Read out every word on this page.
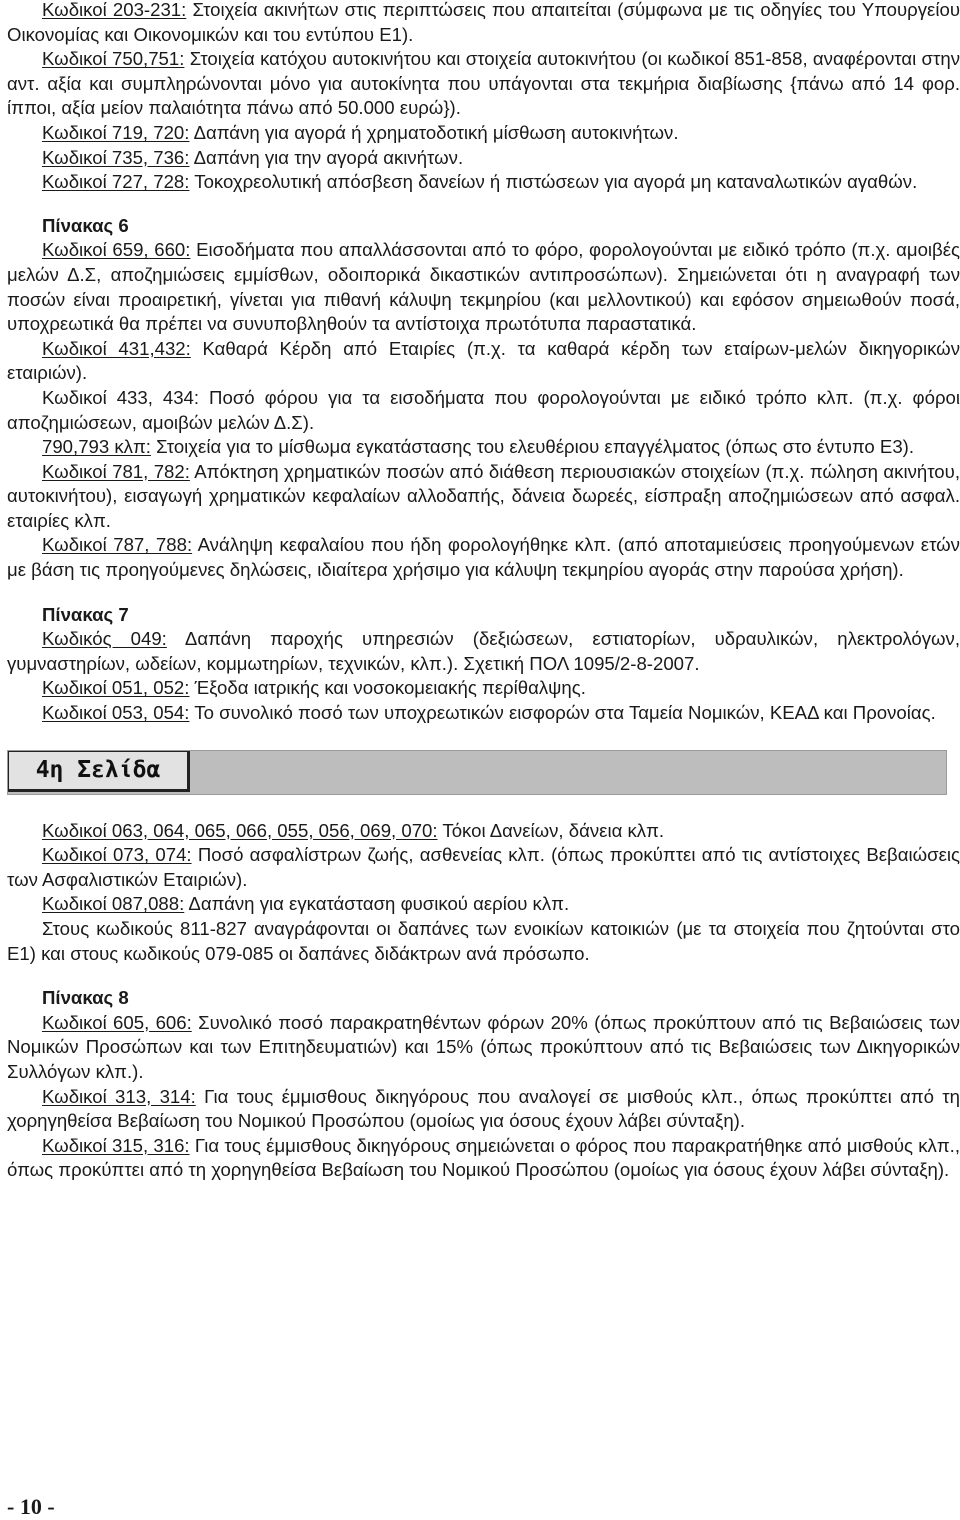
Κωδικοί 203-231: Στοιχεία ακινήτων στις περιπτώσεις που απαιτείται (σύμφωνα με τις οδηγίες του Υπουργείου Οικονομίας και Οικονομικών και του εντύπου Ε1).

Κωδικοί 750,751: Στοιχεία κατόχου αυτοκινήτου και στοιχεία αυτοκινήτου (οι κωδικοί 851-858, αναφέρονται στην αντ. αξία και συμπληρώνονται μόνο για αυτοκίνητα που υπάγονται στα τεκμήρια διαβίωσης {πάνω από 14 φορ. ίπποι, αξία μείον παλαιότητα πάνω από 50.000 ευρώ}).

Κωδικοί 719, 720: Δαπάνη για αγορά ή χρηματοδοτική μίσθωση αυτοκινήτων.

Κωδικοί 735, 736: Δαπάνη για την αγορά ακινήτων.

Κωδικοί 727, 728: Τοκοχρεολυτική απόσβεση δανείων ή πιστώσεων για αγορά μη καταναλωτικών αγαθών.

Πίνακας 6

Κωδικοί 659, 660: Εισοδήματα που απαλλάσσονται από το φόρο, φορολογούνται με ειδικό τρόπο (π.χ. αμοιβές μελών Δ.Σ, αποζημιώσεις εμμίσθων, οδοιπορικά δικαστικών αντιπροσώπων). Σημειώνεται ότι η αναγραφή των ποσών είναι προαιρετική, γίνεται για πιθανή κάλυψη τεκμηρίου (και μελλοντικού) και εφόσον σημειωθούν ποσά, υποχρεωτικά θα πρέπει να συνυποβληθούν τα αντίστοιχα πρωτότυπα παραστατικά.

Κωδικοί 431,432: Καθαρά Κέρδη από Εταιρίες (π.χ. τα καθαρά κέρδη των εταίρων-μελών δικηγορικών εταιριών).

Κωδικοί 433, 434: Ποσό φόρου για τα εισοδήματα που φορολογούνται με ειδικό τρόπο κλπ. (π.χ. φόροι αποζημιώσεων, αμοιβών μελών Δ.Σ).

790,793 κλπ: Στοιχεία για το μίσθωμα εγκατάστασης του ελευθέριου επαγγέλματος (όπως στο έντυπο Ε3).

Κωδικοί 781, 782: Απόκτηση χρηματικών ποσών από διάθεση περιουσιακών στοιχείων (π.χ. πώληση ακινήτου, αυτοκινήτου), εισαγωγή χρηματικών κεφαλαίων αλλοδαπής, δάνεια δωρεές, είσπραξη αποζημιώσεων από ασφαλ. εταιρίες κλπ.

Κωδικοί 787, 788: Ανάληψη κεφαλαίου που ήδη φορολογήθηκε κλπ. (από αποταμιεύσεις προηγούμενων ετών με βάση τις προηγούμενες δηλώσεις, ιδιαίτερα χρήσιμο για κάλυψη τεκμηρίου αγοράς στην παρούσα χρήση).

Πίνακας 7

Κωδικός 049: Δαπάνη παροχής υπηρεσιών (δεξιώσεων, εστιατορίων, υδραυλικών, ηλεκτρολόγων, γυμναστηρίων, ωδείων, κομμωτηρίων, τεχνικών, κλπ.). Σχετική ΠΟΛ 1095/2-8-2007.

Κωδικοί 051, 052: Έξοδα ιατρικής και νοσοκομειακής περίθαλψης.

Κωδικοί 053, 054: Το συνολικό ποσό των υποχρεωτικών εισφορών στα Ταμεία Νομικών, ΚΕΑΔ και Προνοίας.

4η Σελίδα

Κωδικοί 063, 064, 065, 066, 055, 056, 069, 070: Τόκοι Δανείων, δάνεια κλπ.

Κωδικοί 073, 074: Ποσό ασφαλίστρων ζωής, ασθενείας κλπ. (όπως προκύπτει από τις αντίστοιχες Βεβαιώσεις των Ασφαλιστικών Εταιριών).

Κωδικοί 087,088: Δαπάνη για εγκατάσταση φυσικού αερίου κλπ.

Στους κωδικούς 811-827 αναγράφονται οι δαπάνες των ενοικίων κατοικιών (με τα στοιχεία που ζητούνται στο Ε1) και στους κωδικούς 079-085 οι δαπάνες διδάκτρων ανά πρόσωπο.

Πίνακας 8

Κωδικοί 605, 606: Συνολικό ποσό παρακρατηθέντων φόρων 20% (όπως προκύπτουν από τις Βεβαιώσεις των Νομικών Προσώπων και των Επιτηδευματιών) και 15% (όπως προκύπτουν από τις Βεβαιώσεις των Δικηγορικών Συλλόγων κλπ.).

Κωδικοί 313, 314: Για τους έμμισθους δικηγόρους που αναλογεί σε μισθούς κλπ., όπως προκύπτει από τη χορηγηθείσα Βεβαίωση του Νομικού Προσώπου (ομοίως για όσους έχουν λάβει σύνταξη).

Κωδικοί 315, 316: Για τους έμμισθους δικηγόρους σημειώνεται ο φόρος που παρακρατήθηκε από μισθούς κλπ., όπως προκύπτει από τη χορηγηθείσα Βεβαίωση του Νομικού Προσώπου (ομοίως για όσους έχουν λάβει σύνταξη).

- 10 -
